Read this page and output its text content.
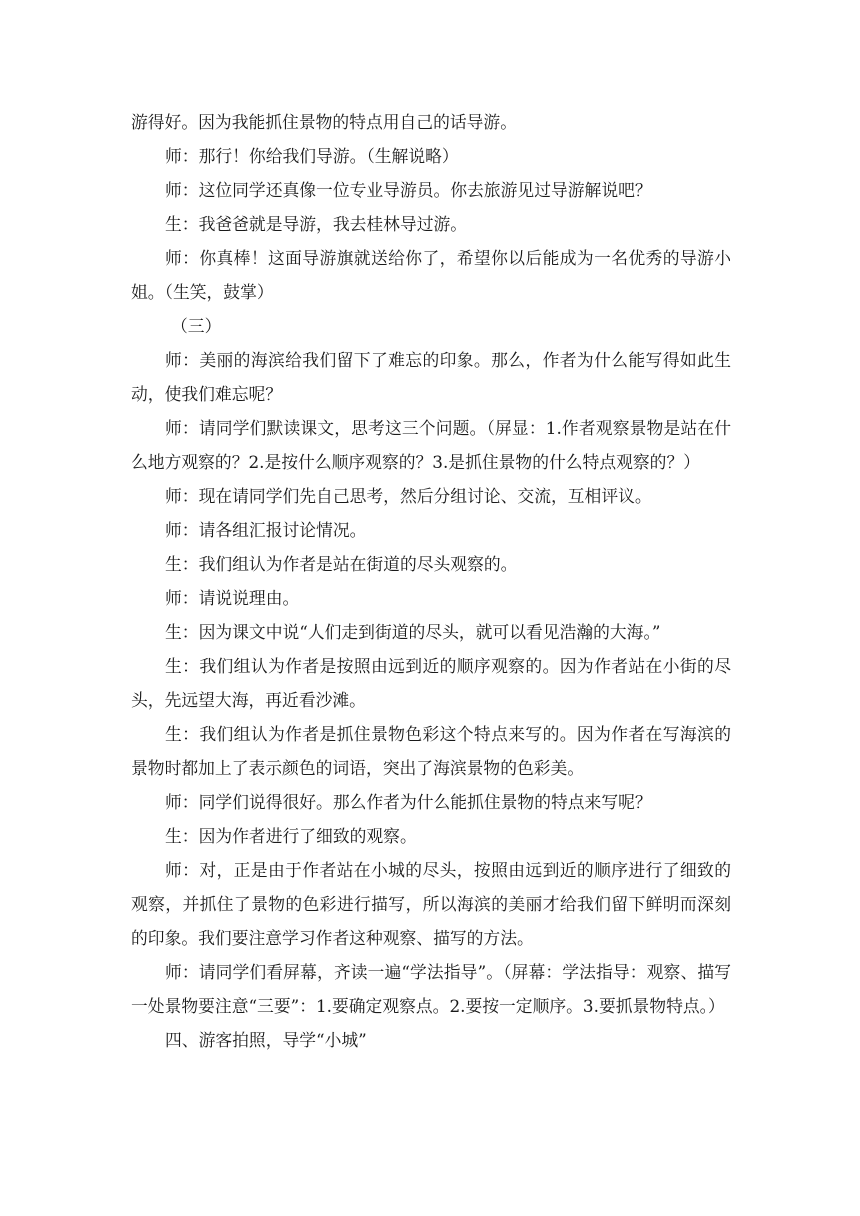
游得好。因为我能抓住景物的特点用自己的话导游。

师：那行！你给我们导游。（生解说略）

师：这位同学还真像一位专业导游员。你去旅游见过导游解说吧？

生：我爸爸就是导游，我去桂林导过游。

师：你真棒！这面导游旗就送给你了，希望你以后能成为一名优秀的导游小姐。（生笑，鼓掌）

（三）

师：美丽的海滨给我们留下了难忘的印象。那么，作者为什么能写得如此生动，使我们难忘呢？

师：请同学们默读课文，思考这三个问题。（屏显：1.作者观察景物是站在什么地方观察的？2.是按什么顺序观察的？3.是抓住景物的什么特点观察的？）

师：现在请同学们先自己思考，然后分组讨论、交流，互相评议。

师：请各组汇报讨论情况。

生：我们组认为作者是站在街道的尽头观察的。

师：请说说理由。

生：因为课文中说“人们走到街道的尽头，就可以看见浩瀚的大海。”

生：我们组认为作者是按照由远到近的顺序观察的。因为作者站在小街的尽头，先远望大海，再近看沙滩。

生：我们组认为作者是抓住景物色彩这个特点来写的。因为作者在写海滨的景物时都加上了表示颜色的词语，突出了海滨景物的色彩美。

师：同学们说得很好。那么作者为什么能抓住景物的特点来写呢？

生：因为作者进行了细致的观察。

师：对，正是由于作者站在小城的尽头，按照由远到近的顺序进行了细致的观察，并抓住了景物的色彩进行描写，所以海滨的美丽才给我们留下鲜明而深刻的印象。我们要注意学习作者这种观察、描写的方法。

师：请同学们看屏幕，齐读一遍“学法指导”。（屏幕：学法指导：观察、描写一处景物要注意“三要”：1.要确定观察点。2.要按一定顺序。3.要抓景物特点。）

四、游客拍照，导学“小城”
